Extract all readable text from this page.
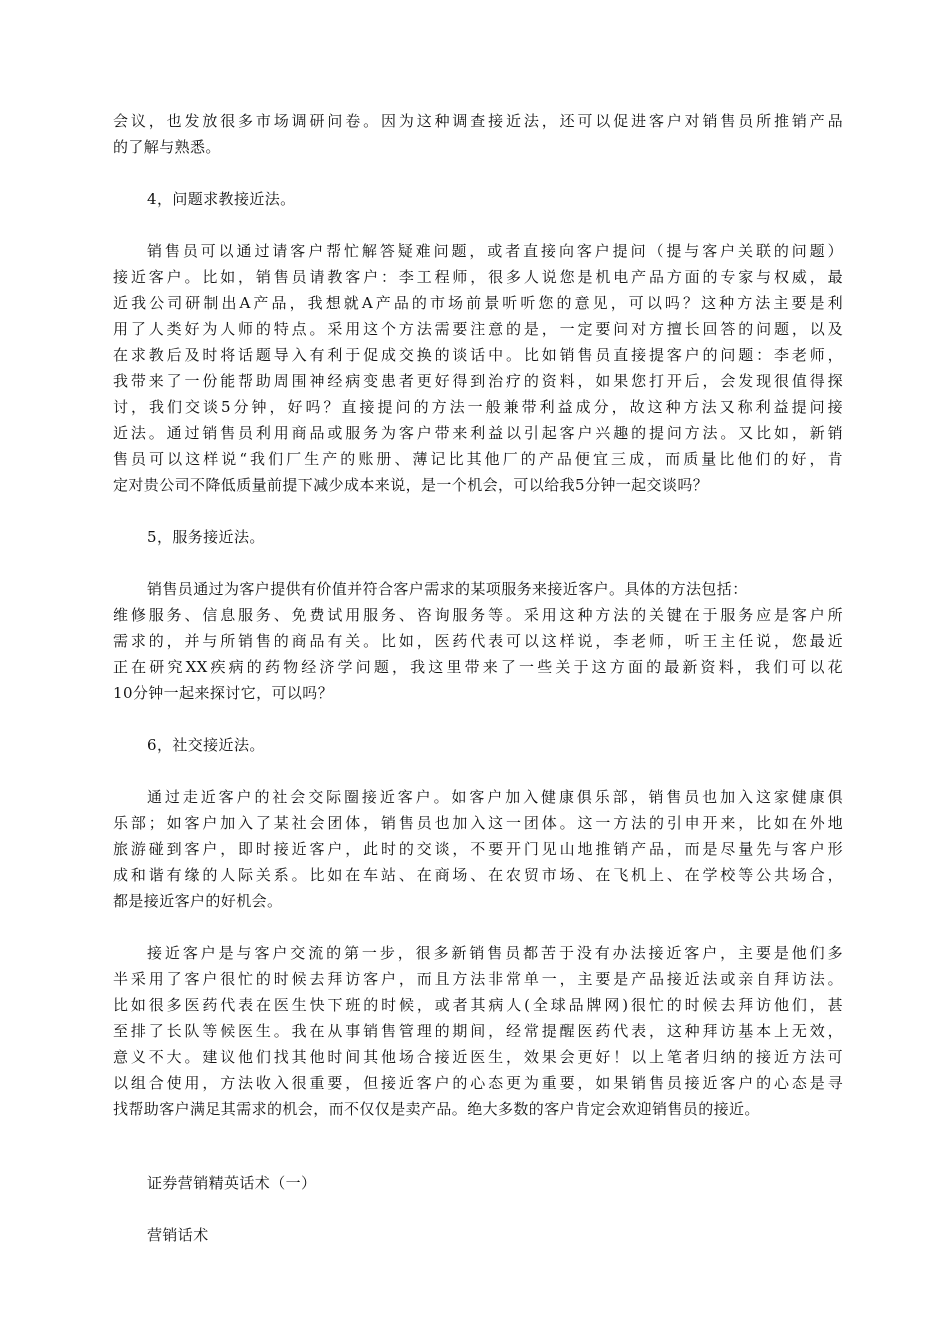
会议，也发放很多市场调研问卷。因为这种调查接近法，还可以促进客户对销售员所推销产品
的了解与熟悉。
4，问题求教接近法。
销售员可以通过请客户帮忙解答疑难问题，或者直接向客户提问（提与客户关联的问题）
接近客户。比如，销售员请教客户：李工程师，很多人说您是机电产品方面的专家与权威，最
近我公司研制出A产品，我想就A产品的市场前景听听您的意见，可以吗？这种方法主要是利
用了人类好为人师的特点。采用这个方法需要注意的是，一定要问对方擅长回答的问题，以及
在求教后及时将话题导入有利于促成交换的谈话中。比如销售员直接提客户的问题：李老师，
我带来了一份能帮助周围神经病变患者更好得到治疗的资料，如果您打开后，会发现很值得探
讨，我们交谈5分钟，好吗？直接提问的方法一般兼带利益成分，故这种方法又称利益提问接
近法。通过销售员利用商品或服务为客户带来利益以引起客户兴趣的提问方法。又比如，新销
售员可以这样说“我们厂生产的账册、薄记比其他厂的产品便宜三成，而质量比他们的好，肯
定对贵公司不降低质量前提下减少成本来说，是一个机会，可以给我5分钟一起交谈吗？
5，服务接近法。
销售员通过为客户提供有价值并符合客户需求的某项服务来接近客户。具体的方法包括：
维修服务、信息服务、免费试用服务、咨询服务等。采用这种方法的关键在于服务应是客户所
需求的，并与所销售的商品有关。比如，医药代表可以这样说，李老师，听王主任说，您最近
正在研究XX疾病的药物经济学问题，我这里带来了一些关于这方面的最新资料，我们可以花
10分钟一起来探讨它，可以吗？
6，社交接近法。
通过走近客户的社会交际圈接近客户。如客户加入健康俱乐部，销售员也加入这家健康俱
乐部；如客户加入了某社会团体，销售员也加入这一团体。这一方法的引申开来，比如在外地
旅游碰到客户，即时接近客户，此时的交谈，不要开门见山地推销产品，而是尽量先与客户形
成和谐有缘的人际关系。比如在车站、在商场、在农贸市场、在飞机上、在学校等公共场合，
都是接近客户的好机会。
接近客户是与客户交流的第一步，很多新销售员都苦于没有办法接近客户，主要是他们多
半采用了客户很忙的时候去拜访客户，而且方法非常单一，主要是产品接近法或亲自拜访法。
比如很多医药代表在医生快下班的时候，或者其病人(全球品牌网)很忙的时候去拜访他们，甚
至排了长队等候医生。我在从事销售管理的期间，经常提醒医药代表，这种拜访基本上无效，
意义不大。建议他们找其他时间其他场合接近医生，效果会更好！以上笔者归纳的接近方法可
以组合使用，方法收入很重要，但接近客户的心态更为重要，如果销售员接近客户的心态是寻
找帮助客户满足其需求的机会，而不仅仅是卖产品。绝大多数的客户肯定会欢迎销售员的接近。
证券营销精英话术（一）
营销话术
